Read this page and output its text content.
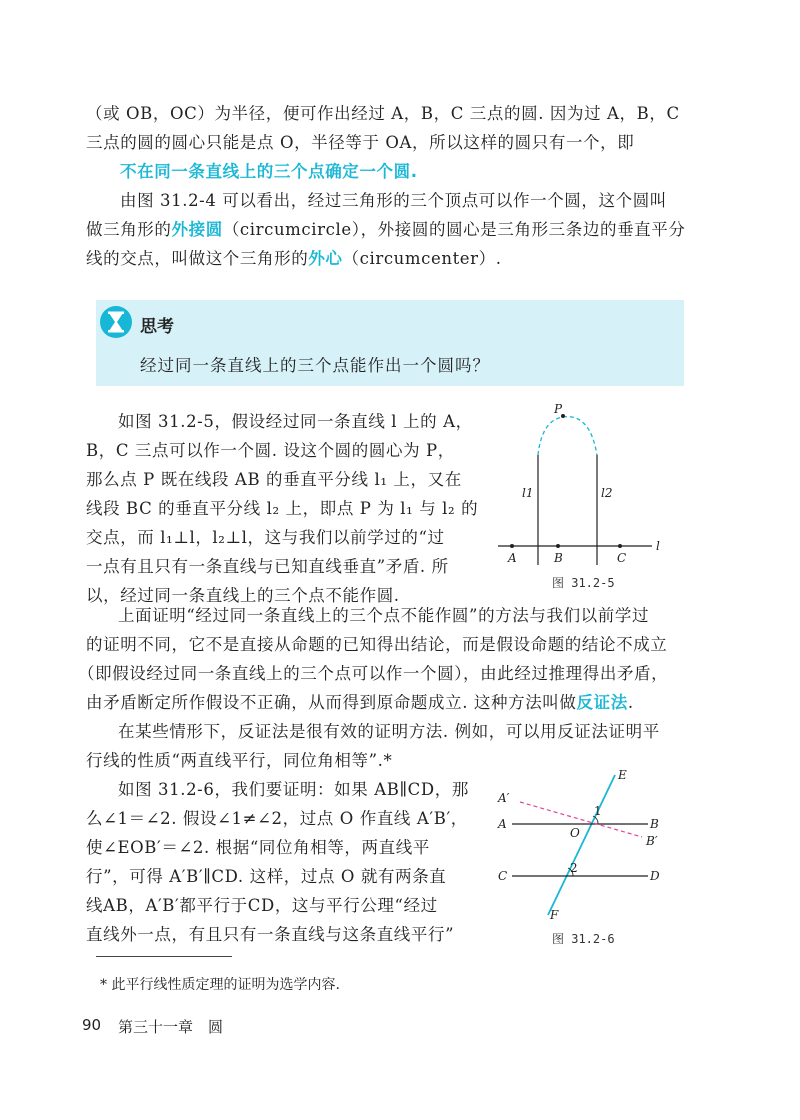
（或 OB，OC）为半径，便可作出经过 A，B，C 三点的圆. 因为过 A，B，C
三点的圆的圆心只能是点 O，半径等于 OA，所以这样的圆只有一个，即
不在同一条直线上的三个点确定一个圆.
由图 31.2-4 可以看出，经过三角形的三个顶点可以作一个圆，这个圆叫
做三角形的外接圆（circumcircle），外接圆的圆心是三角形三条边的垂直平分
线的交点，叫做这个三角形的外心（circumcenter）.
思考
经过同一条直线上的三个点能作出一个圆吗？
如图 31.2-5，假设经过同一条直线 l 上的 A，
B，C 三点可以作一个圆. 设这个圆的圆心为 P，
那么点 P 既在线段 AB 的垂直平分线 l₁ 上，又在
线段 BC 的垂直平分线 l₂ 上，即点 P 为 l₁ 与 l₂ 的
交点，而 l₁⊥l，l₂⊥l，这与我们以前学过的“过
一点有且只有一条直线与已知直线垂直”矛盾. 所
以，经过同一条直线上的三个点不能作圆.
P
l1	l2
A	B	C
l
图 31.2-5
上面证明“经过同一条直线上的三个点不能作圆”的方法与我们以前学过
的证明不同，它不是直接从命题的已知得出结论，而是假设命题的结论不成立
（即假设经过同一条直线上的三个点可以作一个圆），由此经过推理得出矛盾，
由矛盾断定所作假设不正确，从而得到原命题成立. 这种方法叫做反证法.
在某些情形下，反证法是很有效的证明方法. 例如，可以用反证法证明平
行线的性质“两直线平行，同位角相等”.*
如图 31.2-6，我们要证明：如果 AB∥CD，那
么∠1＝∠2. 假设∠1≠∠2，过点 O 作直线 A′B′，
使∠EOB′＝∠2. 根据“同位角相等，两直线平
行”，可得 A′B′∥CD. 这样，过点 O 就有两条直
线AB，A′B′都平行于CD，这与平行公理“经过
直线外一点，有且只有一条直线与这条直线平行”
E
A′
1
A
O
B
B′
C
2
D
F
图 31.2-6
* 此平行线性质定理的证明为选学内容.
90 第三十一章　圆
